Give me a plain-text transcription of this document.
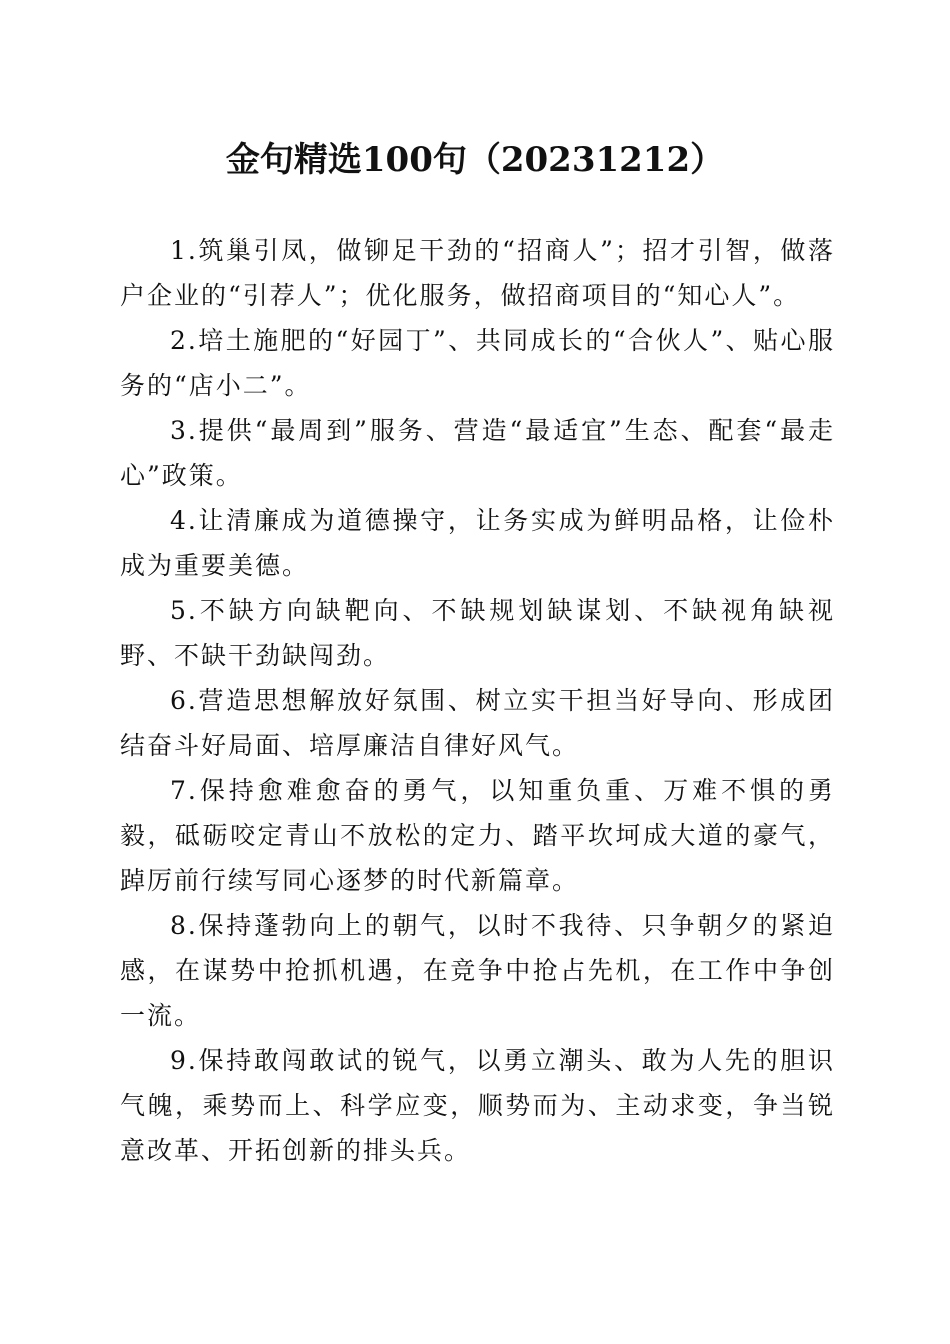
金句精选100句（20231212）

1.筑巢引凤，做铆足干劲的“招商人”；招才引智，做落户企业的“引荐人”；优化服务，做招商项目的“知心人”。

2.培土施肥的“好园丁”、共同成长的“合伙人”、贴心服务的“店小二”。

3.提供“最周到”服务、营造“最适宜”生态、配套“最走心”政策。

4.让清廉成为道德操守，让务实成为鲜明品格，让俭朴成为重要美德。

5.不缺方向缺靶向、不缺规划缺谋划、不缺视角缺视野、不缺干劲缺闯劲。

6.营造思想解放好氛围、树立实干担当好导向、形成团结奋斗好局面、培厚廉洁自律好风气。

7.保持愈难愈奋的勇气，以知重负重、万难不惧的勇毅，砥砺咬定青山不放松的定力、踏平坎坷成大道的豪气，踔厉前行续写同心逐梦的时代新篇章。

8.保持蓬勃向上的朝气，以时不我待、只争朝夕的紧迫感，在谋势中抢抓机遇，在竞争中抢占先机，在工作中争创一流。

9.保持敢闯敢试的锐气，以勇立潮头、敢为人先的胆识气魄，乘势而上、科学应变，顺势而为、主动求变，争当锐意改革、开拓创新的排头兵。
